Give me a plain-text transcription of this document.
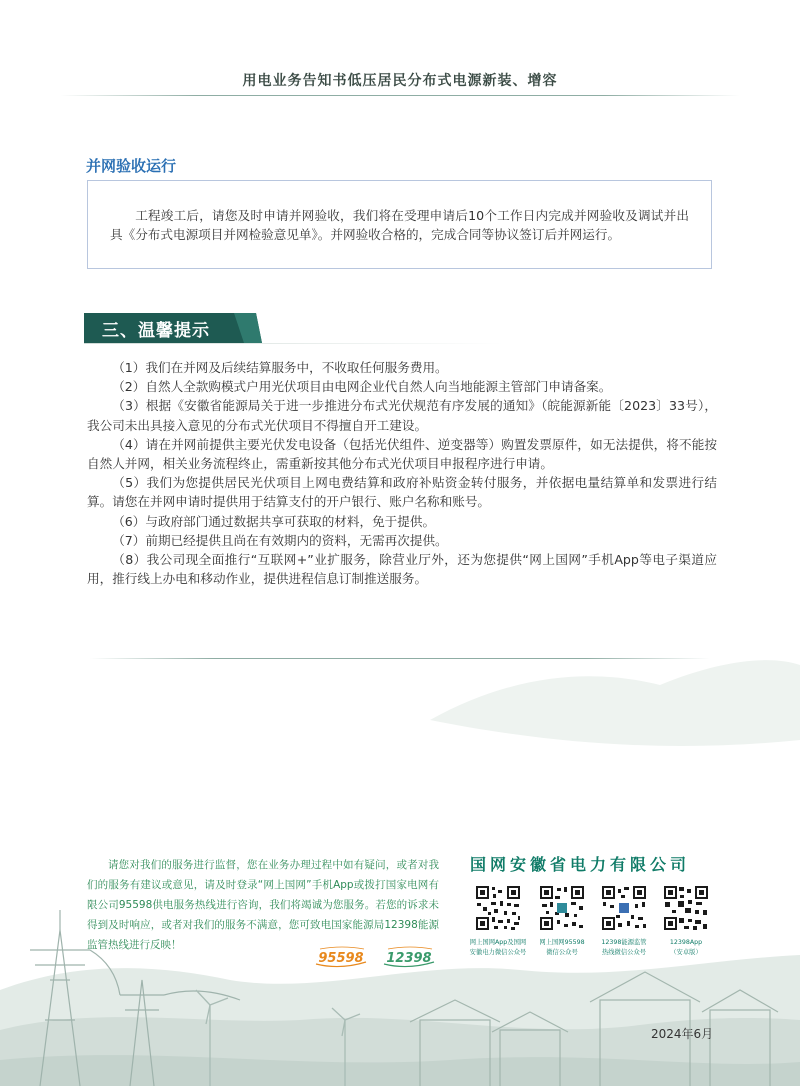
用电业务告知书低压居民分布式电源新装、增容
并网验收运行

工程竣工后，请您及时申请并网验收，我们将在受理申请后10个工作日内完成并网验收及调试并出具《分布式电源项目并网检验意见单》。并网验收合格的，完成合同等协议签订后并网运行。

三、温馨提示

（1）我们在并网及后续结算服务中，不收取任何服务费用。

（2）自然人全款购模式户用光伏项目由电网企业代自然人向当地能源主管部门申请备案。

（3）根据《安徽省能源局关于进一步推进分布式光伏规范有序发展的通知》（皖能源新能〔2023〕33号），我公司未出具接入意见的分布式光伏项目不得擅自开工建设。

（4）请在并网前提供主要光伏发电设备（包括光伏组件、逆变器等）购置发票原件，如无法提供，将不能按自然人并网，相关业务流程终止，需重新按其他分布式光伏项目申报程序进行申请。

（5）我们为您提供居民光伏项目上网电费结算和政府补贴资金转付服务，并依据电量结算单和发票进行结算。请您在并网申请时提供用于结算支付的开户银行、账户名称和账号。

（6）与政府部门通过数据共享可获取的材料，免于提供。

（7）前期已经提供且尚在有效期内的资料，无需再次提供。

（8）我公司现全面推行“互联网+”业扩服务，除营业厅外，还为您提供“网上国网”手机App等电子渠道应用，推行线上办电和移动作业，提供进程信息订制推送服务。

请您对我们的服务进行监督，您在业务办理过程中如有疑问，或者对我们的服务有建议或意见，请及时登录“网上国网”手机App或拨打国家电网有限公司95598供电服务热线进行咨询，我们将竭诚为您服务。若您的诉求未得到及时响应，或者对我们的服务不满意，您可致电国家能源局12398能源监管热线进行反映！

国网安徽省电力有限公司
网上国网App及国网
安徽电力微信公众号
网上国网95598
微信公众号
12398能源监管
热线微信公众号
12398App
（安卓版）
95598 12398
2024年6月
